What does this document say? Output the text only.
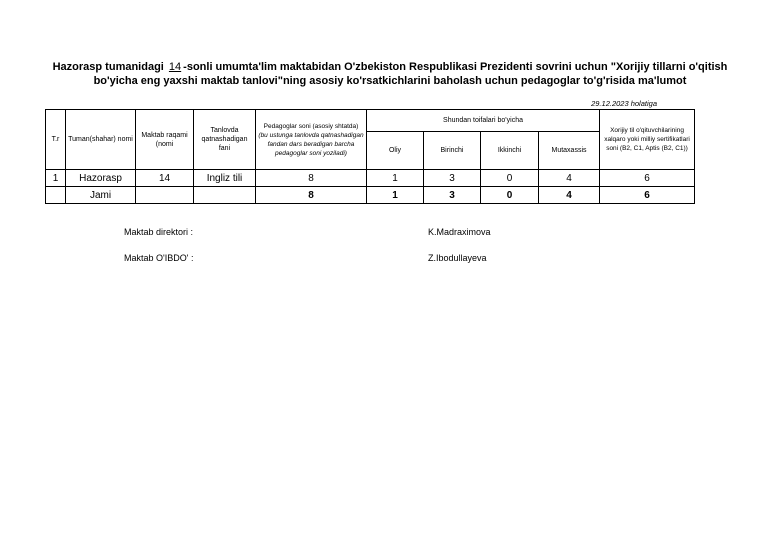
Hazorasp tumanidagi 14 -sonli umumta'lim maktabidan O'zbekiston Respublikasi Prezidenti sovrini uchun "Xorijiy tillarni o'qitish
bo'yicha eng yaxshi maktab tanlovi"ning asosiy ko'rsatkichlarini baholash uchun pedagoglar to'g'risida ma'lumot
29.12.2023 holatiga
T.r	Tuman(shahar) nomi	Maktab raqami (nomi	Tanlovda qatnashadigan fani	Pedagoglar soni (asosiy shtatda)
(bu ustunga tanlovda qatnashadigan fandan dars beradigan barcha pedagoglar soni yoziladi)	Shundan toifalari bo'yicha				Xorijiy til o'qituvchilarining xalqaro yoki milliy sertifikatlari soni (B2, C1, Aptis (B2, C1))
					Oliy	Birinchi	Ikkinchi	Mutaxassis	
1	Hazorasp	14	Ingliz tili	8	1	3	0	4	6
	Jami			8	1	3	0	4	6
Maktab direktori :	K.Madraximova
Maktab O'IBDO' :	Z.Ibodullayeva
